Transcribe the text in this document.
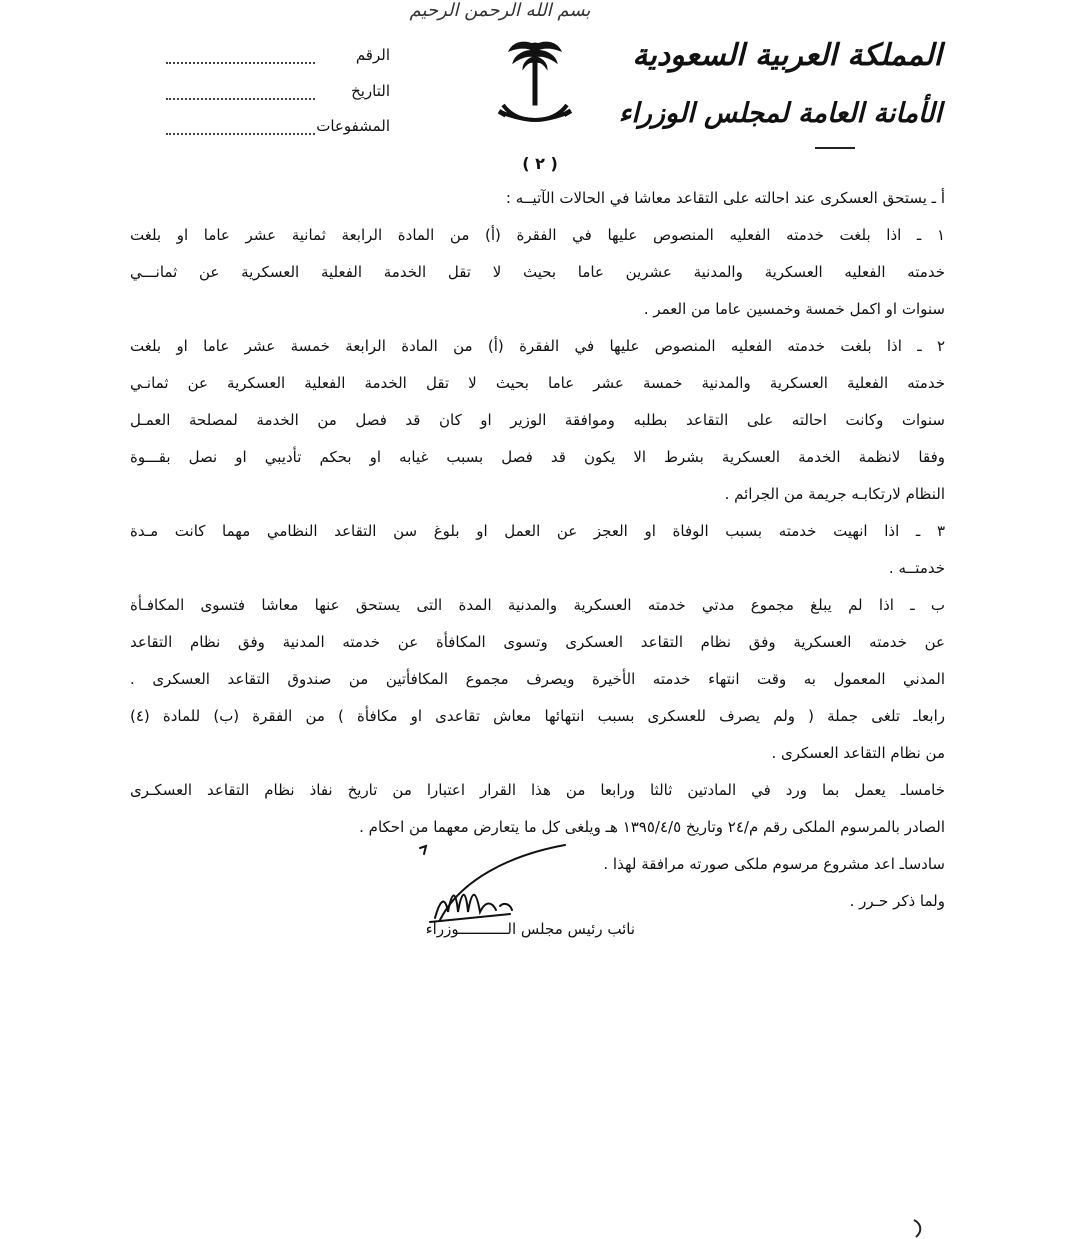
بسم الله الرحمن الرحيم
المملكة العربية السعودية
الأمانة العامة لمجلس الوزراء
الرقم
التاريخ
المشفوعات
( ٢ )
أ ـ يستحق العسكرى عند احالته على التقاعد معاشا في الحالات الآتيــه :
١ ـ اذا بلغت خدمته الفعليه المنصوص عليها في الفقرة (أ) من المادة الرابعة ثمانية عشر عاما او بلغت
خدمته الفعليه العسكرية والمدنية عشرين عاما بحيث لا تقل الخدمة الفعلية العسكرية عن ثمانـــي
سنوات او اكمل خمسة وخمسين عاما من العمر .
٢ ـ اذا بلغت خدمته الفعليه المنصوص عليها في الفقرة (أ) من المادة الرابعة خمسة عشر عاما او بلغت
خدمته الفعلية العسكرية والمدنية خمسة عشر عاما بحيث لا تقل الخدمة الفعلية العسكرية عن ثمانـي
سنوات وكانت احالته على التقاعد بطلبه وموافقة الوزير او كان قد فصل من الخدمة لمصلحة العمـل
وفقا لانظمة الخدمة العسكرية بشرط الا يكون قد فصل بسبب غيابه او بحكم تأديبي او نصل بقـــوة
النظام لارتكابـه جريمة من الجرائم .
٣ ـ اذا انهيت خدمته بسبب الوفاة او العجز عن العمل او بلوغ سن التقاعد النظامي مهما كانت مـدة
خدمتــه .
ب ـ اذا لم يبلغ مجموع مدتي خدمته العسكرية والمدنية المدة التى يستحق عنها معاشا فتسوى المكافـأة
عن خدمته العسكرية وفق نظام التقاعد العسكرى وتسوى المكافأة عن خدمته المدنية وفق نظام التقاعد
المدني المعمول به وقت انتهاء خدمته الأخيرة ويصرف مجموع المكافأتين من صندوق التقاعد العسكرى .
رابعاـ تلغى جملة ( ولم يصرف للعسكرى بسبب انتهائها معاش تقاعدى او مكافأة ) من الفقرة (ب) للمادة (٤)
من نظام التقاعد العسكرى .
خامساـ يعمل بما ورد في المادتين ثالثا ورابعا من هذا القرار اعتبارا من تاريخ نفاذ نظام التقاعد العسكـرى
الصادر بالمرسوم الملكى رقم م/٢٤ وتاريخ ١٣٩٥/٤/٥ هـ ويلغى كل ما يتعارض معهما من احكام .
سادساـ اعد مشروع مرسوم ملكى صورته مرافقة لهذا .
ولما ذكر حـرر .
نائب رئيس مجلس الـــــــــــوزراء
